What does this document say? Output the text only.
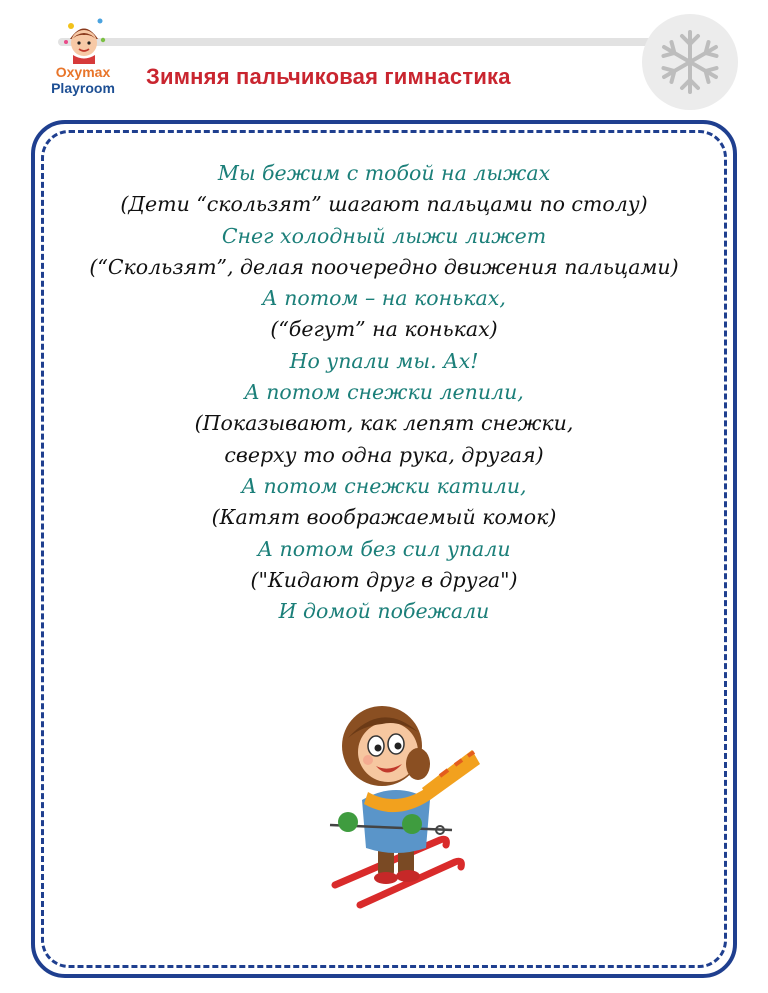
Oxymax
Playroom	Зимняя пальчиковая гимнастика
Мы бежим с тобой на лыжах
(Дети “скользят” шагают пальцами по столу)
Снег холодный лыжи лижет
(“Скользят”, делая поочередно движения пальцами)
А потом – на коньках,
(“бегут” на коньках)
Но упали мы. Ах!
А потом снежки лепили,
(Показывают, как лепят снежки,
сверху то одна рука, другая)
А потом снежки катили,
(Катят воображаемый комок)
А потом без сил упали
("Кидают друг в друга")
И домой побежали
